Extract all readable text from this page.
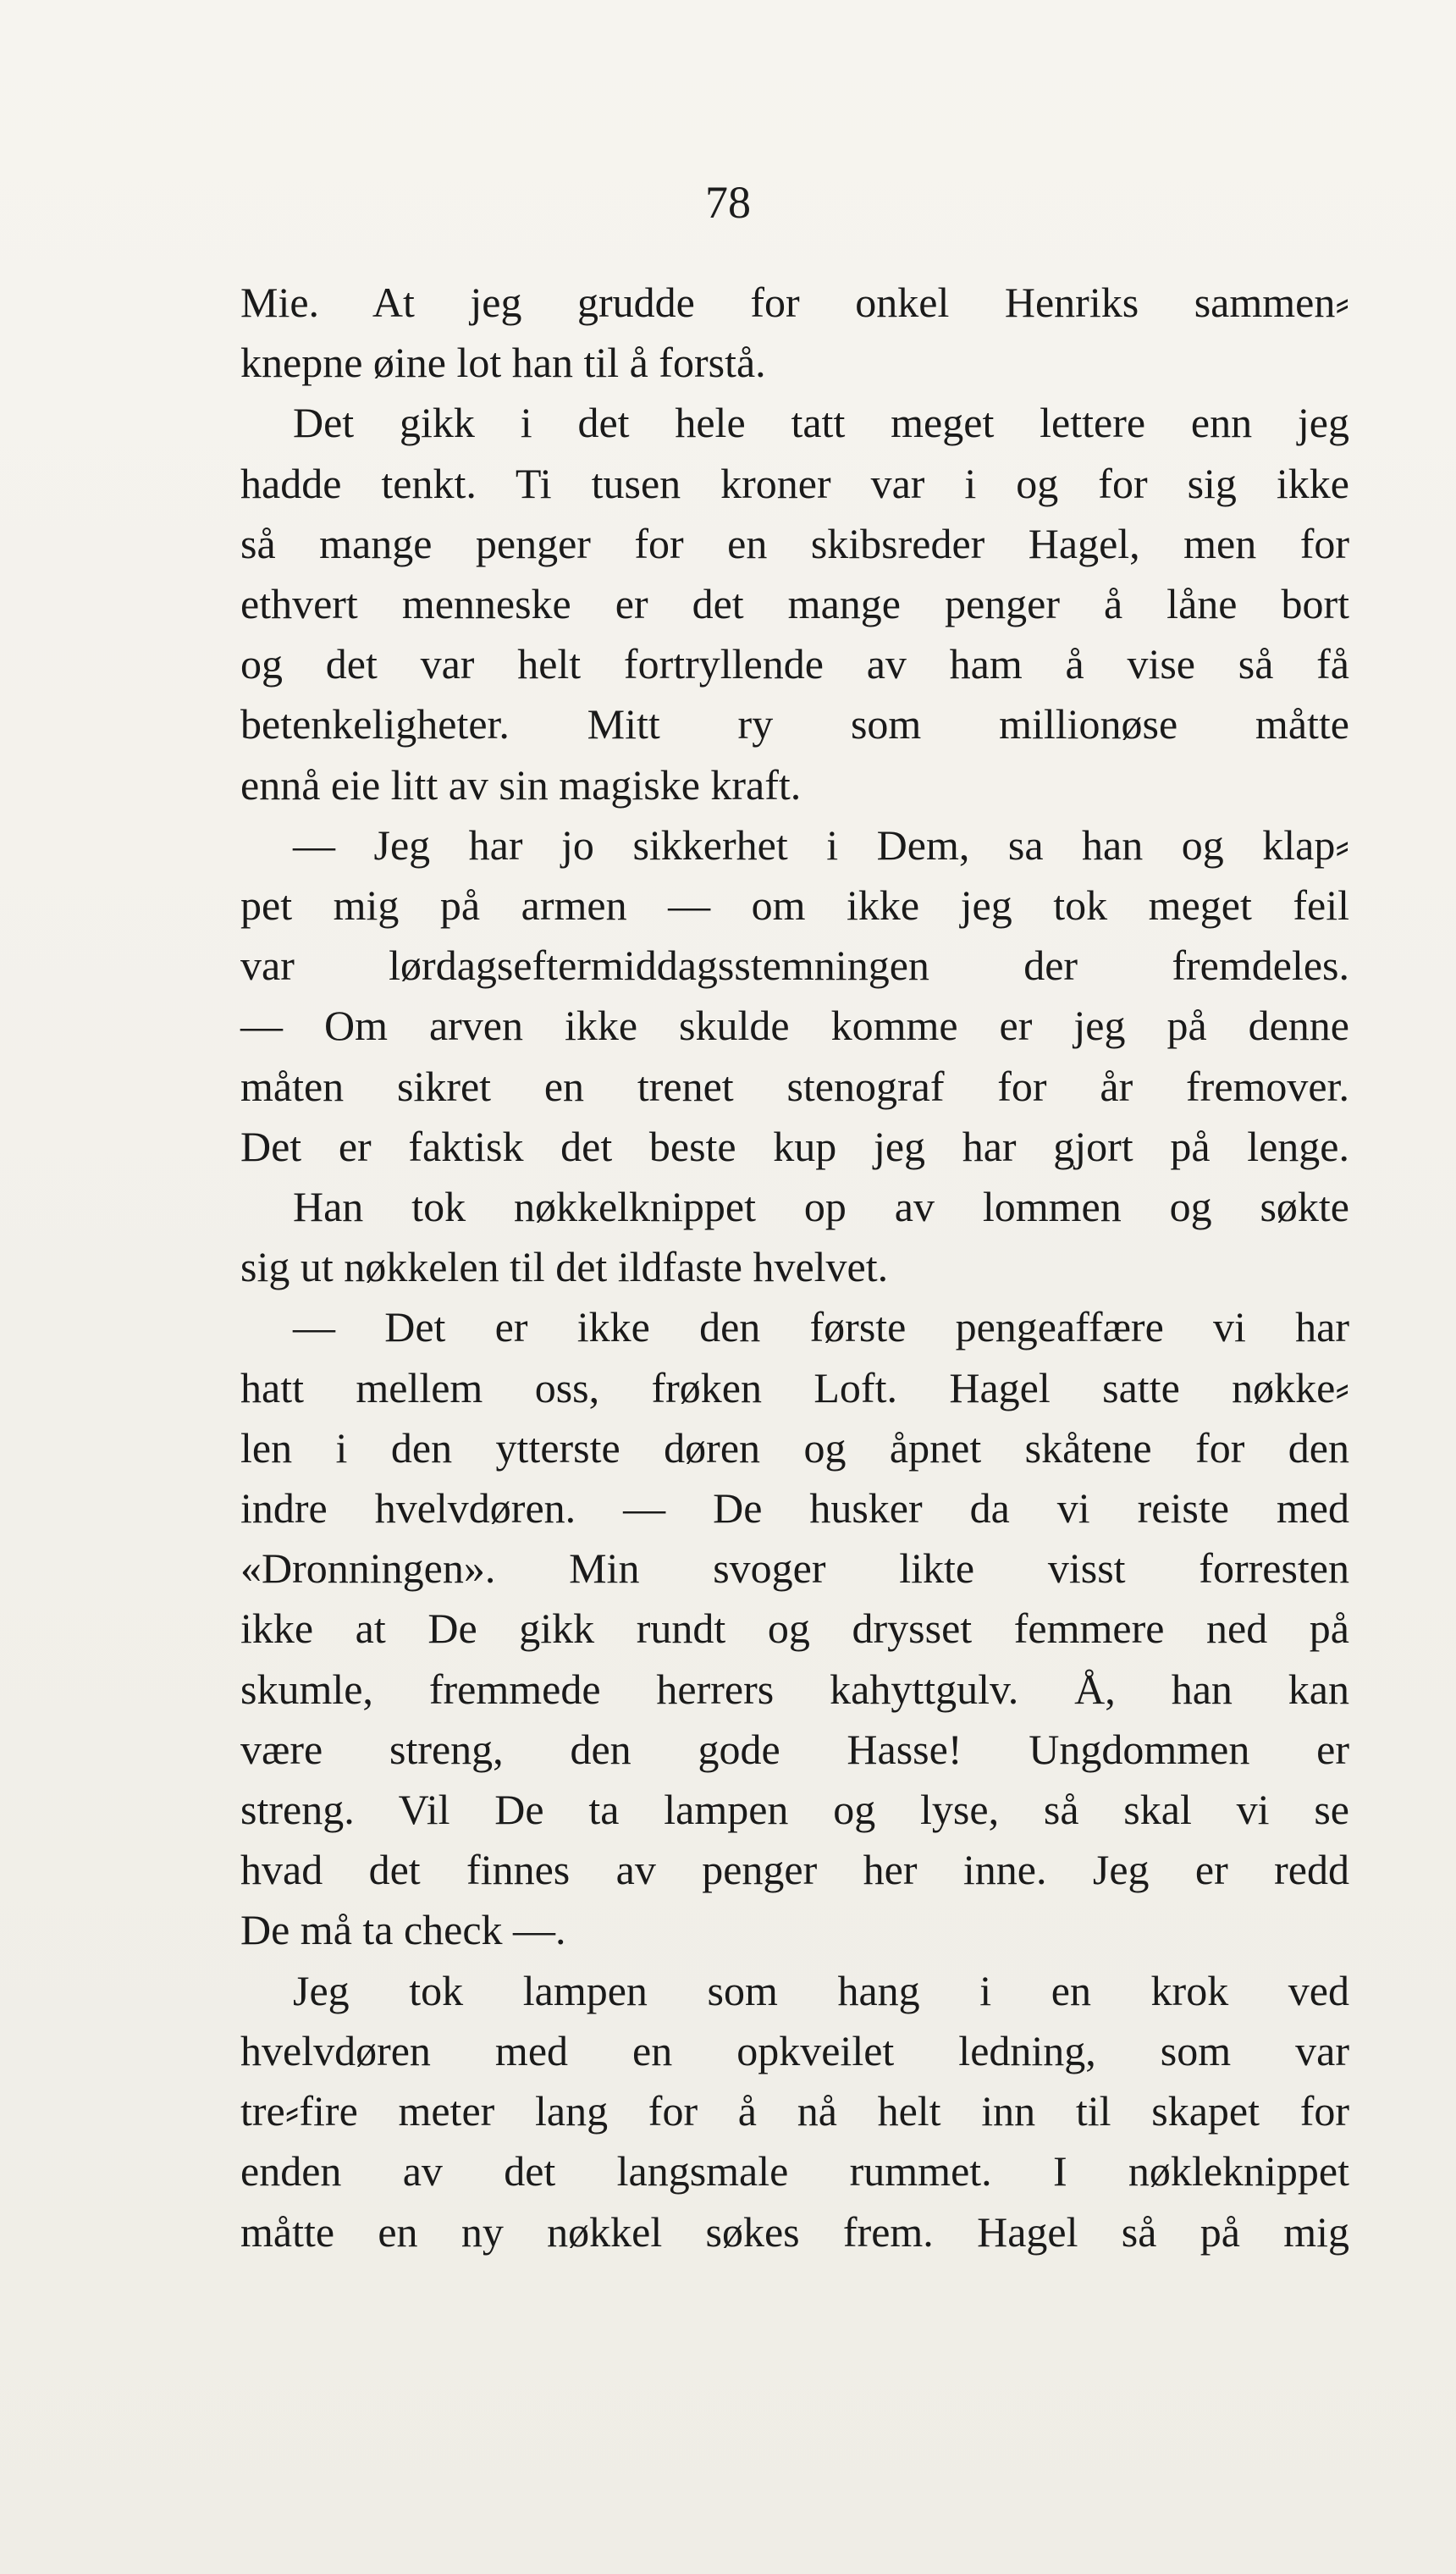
78

Mie. At jeg grudde for onkel Henriks sammen⸗

knepne øine lot han til å forstå.

Det gikk i det hele tatt meget lettere enn jeg

hadde tenkt. Ti tusen kroner var i og for sig ikke

så mange penger for en skibsreder Hagel, men for

ethvert menneske er det mange penger å låne bort

og det var helt fortryllende av ham å vise så få

betenkeligheter. Mitt ry som millionøse måtte

ennå eie litt av sin magiske kraft.

— Jeg har jo sikkerhet i Dem, sa han og klap⸗

pet mig på armen — om ikke jeg tok meget feil

var lørdagseftermiddagsstemningen der fremdeles.

— Om arven ikke skulde komme er jeg på denne

måten sikret en trenet stenograf for år fremover.

Det er faktisk det beste kup jeg har gjort på lenge.

Han tok nøkkelknippet op av lommen og søkte

sig ut nøkkelen til det ildfaste hvelvet.

— Det er ikke den første pengeaffære vi har

hatt mellem oss, frøken Loft. Hagel satte nøkke⸗

len i den ytterste døren og åpnet skåtene for den

indre hvelvdøren. — De husker da vi reiste med

«Dronningen». Min svoger likte visst forresten

ikke at De gikk rundt og drysset femmere ned på

skumle, fremmede herrers kahyttgulv. Å, han kan

være streng, den gode Hasse! Ungdommen er

streng. Vil De ta lampen og lyse, så skal vi se

hvad det finnes av penger her inne. Jeg er redd

De må ta check —.

Jeg tok lampen som hang i en krok ved

hvelvdøren med en opkveilet ledning, som var

tre⸗fire meter lang for å nå helt inn til skapet for

enden av det langsmale rummet. I nøkleknippet

måtte en ny nøkkel søkes frem. Hagel så på mig
